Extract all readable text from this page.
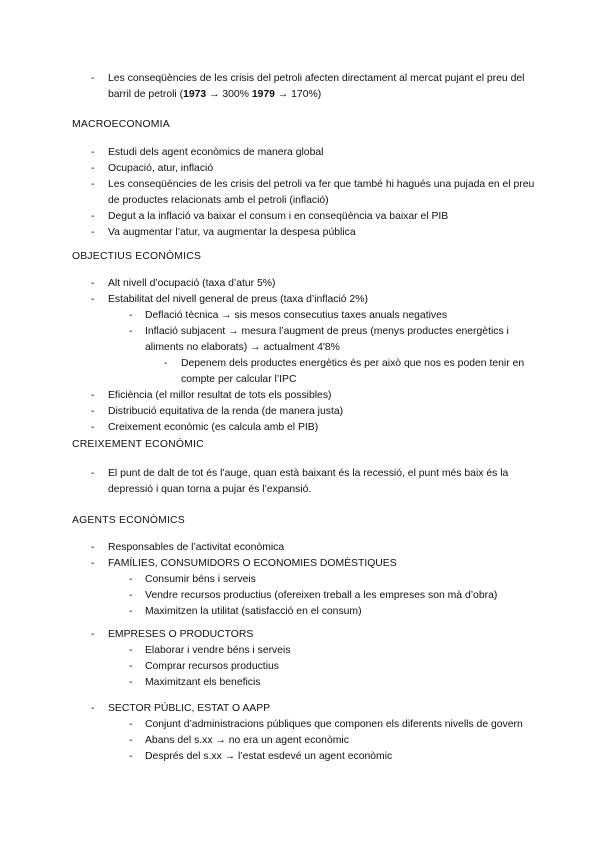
- Les conseqüències de les crisis del petroli afecten directament al mercat pujant el preu del barril de petroli (1973 → 300% 1979 → 170%)
MACROECONOMIA
- Estudi dels agent econòmics de manera global
- Ocupació, atur, inflació
- Les conseqüències de les crisis del petroli va fer que també hi hagués una pujada en el preu de productes relacionats amb el petroli (inflació)
- Degut a la inflació va baixar el consum i en conseqüència va baixar el PIB
- Va augmentar l’atur, va augmentar la despesa pública
OBJECTIUS ECONÒMICS
- Alt nivell d’ocupació (taxa d’atur 5%)
- Estabilitat del nivell general de preus (taxa d’inflació 2%)
- Deflació tècnica → sis mesos consecutius taxes anuals negatives
- Inflació subjacent → mesura l’augment de preus (menys productes energètics i aliments no elaborats) → actualment 4'8%
- Depenem dels productes energètics és per això que nos es poden tenir en compte per calcular l’IPC
- Eficiència (el millor resultat de tots els possibles)
- Distribució equitativa de la renda (de manera justa)
- Creixement econòmic (es calcula amb el PIB)
CREIXEMENT ECONÒMIC
- El punt de dalt de tot és l’auge, quan està baixant és la recessió, el punt més baix és la depressió i quan torna a pujar és l’expansió.
AGENTS ECONÒMICS
- Responsables de l’activitat econòmica
- FAMÍLIES, CONSUMIDORS O ECONOMIES DOMÈSTIQUES
- Consumir béns i serveis
- Vendre recursos productius (ofereixen treball a les empreses son mà d’obra)
- Maximitzen la utilitat (satisfacció en el consum)
- EMPRESES O PRODUCTORS
- Elaborar i vendre béns i serveis
- Comprar recursos productius
- Maximitzant els beneficis
- SECTOR PÚBLIC, ESTAT O AAPP
- Conjunt d’administracions públiques que componen els diferents nivells de govern
- Abans del s.xx → no era un agent econòmic
- Després del s.xx → l’estat esdevé un agent econòmic
